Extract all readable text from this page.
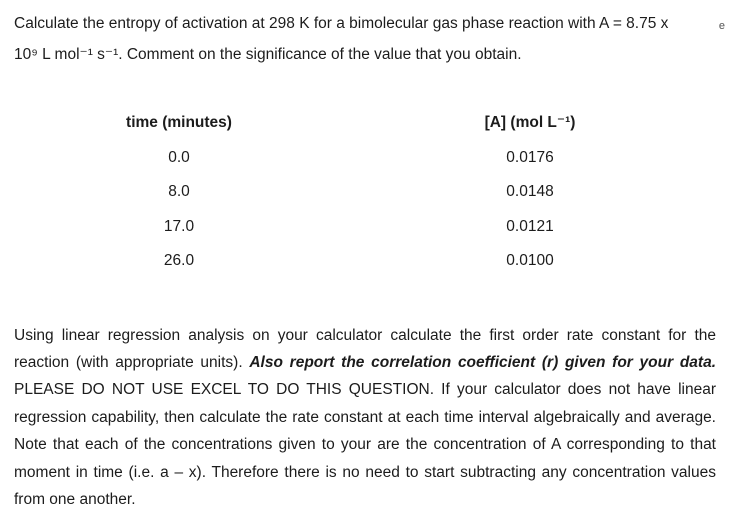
Calculate the entropy of activation at 298 K for a bimolecular gas phase reaction with A = 8.75 x
10⁹ L mol⁻¹ s⁻¹. Comment on the significance of the value that you obtain.

e
time (minutes)	[A] (mol L⁻¹)
0.0	0.0176
8.0	0.0148
17.0	0.0121
26.0	0.0100

Using linear regression analysis on your calculator calculate the first order rate constant for the reaction (with appropriate units). Also report the correlation coefficient (r) given for your data. PLEASE DO NOT USE EXCEL TO DO THIS QUESTION. If your calculator does not have linear regression capability, then calculate the rate constant at each time interval algebraically and average. Note that each of the concentrations given to your are the concentration of A corresponding to that moment in time (i.e. a – x). Therefore there is no need to start subtracting any concentration values from one another.
